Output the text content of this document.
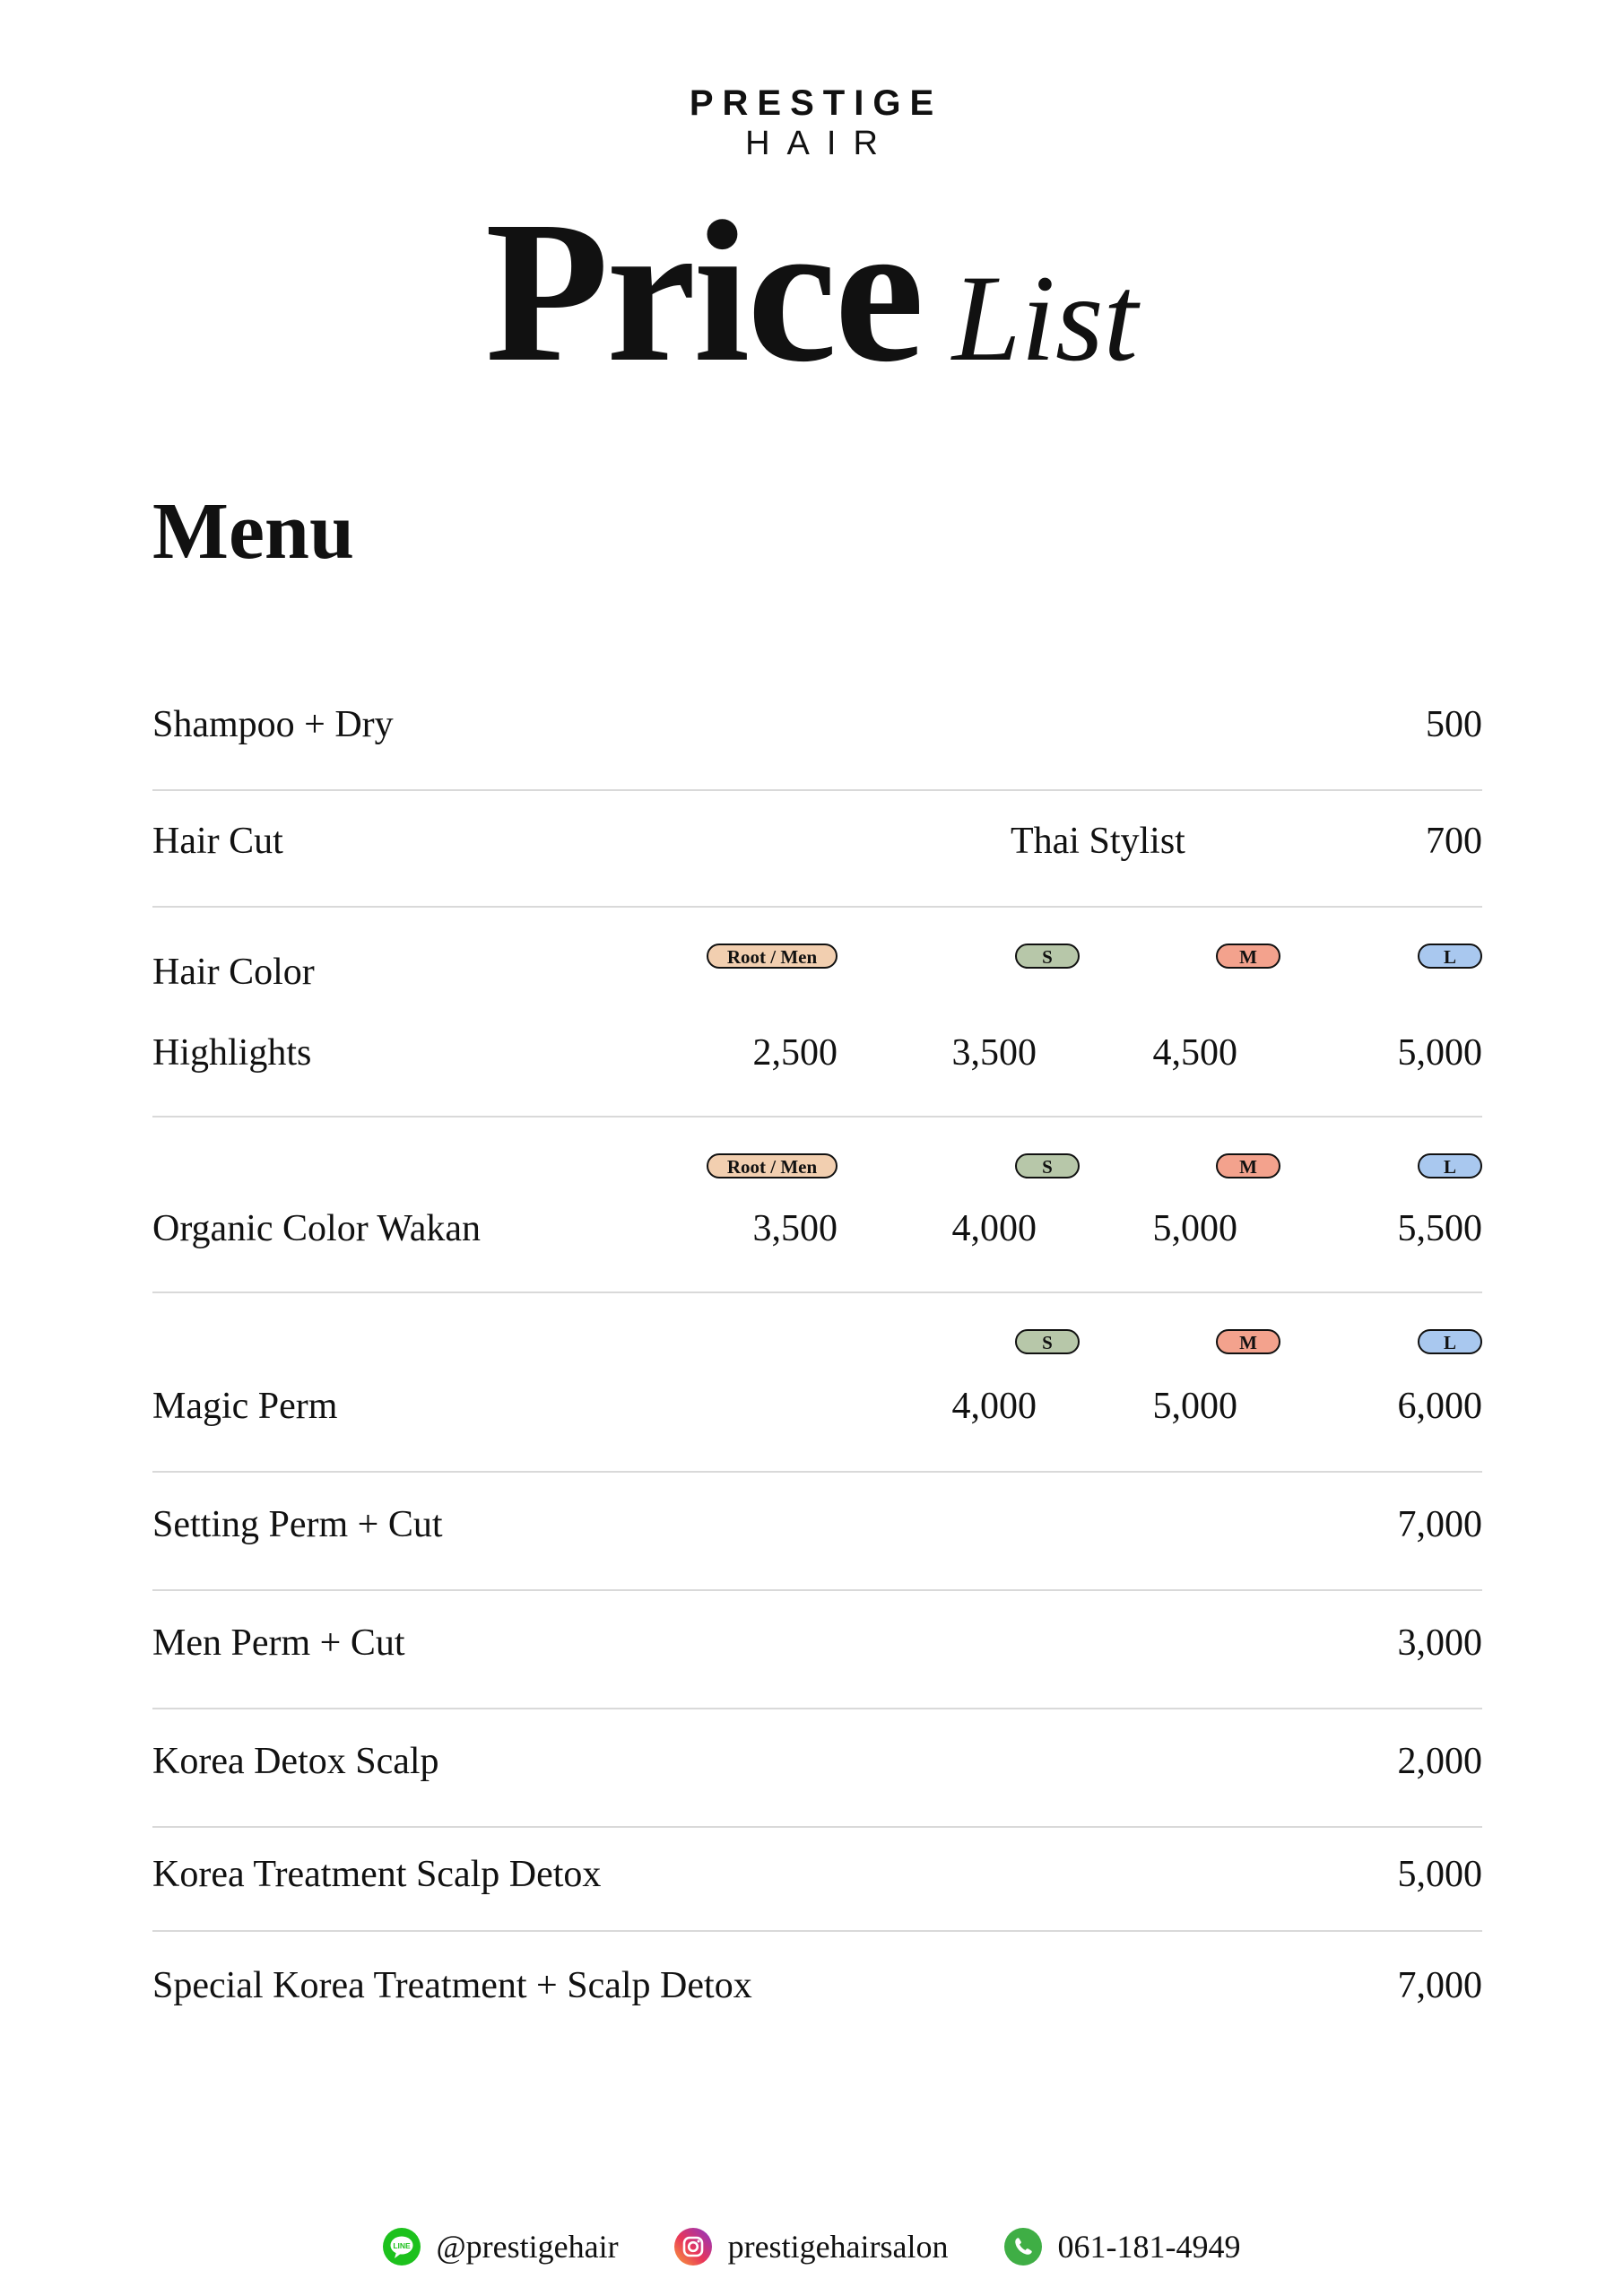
PRESTIGE
HAIR
Price List
Menu
Shampoo + Dry	500
Hair Cut	Thai Stylist	700
Root / Men	S	M	L
Hair Color
Highlights	2,500	3,500	4,500	5,000
Root / Men	S	M	L
Organic Color Wakan	3,500	4,000	5,000	5,500
S	M	L
Magic Perm	4,000	5,000	6,000
Setting Perm + Cut	7,000
Men Perm + Cut	3,000
Korea Detox Scalp	2,000
Korea Treatment Scalp Detox	5,000
Special Korea Treatment + Scalp Detox	7,000
LINE @prestigehair	prestigehairsalon	061-181-4949
